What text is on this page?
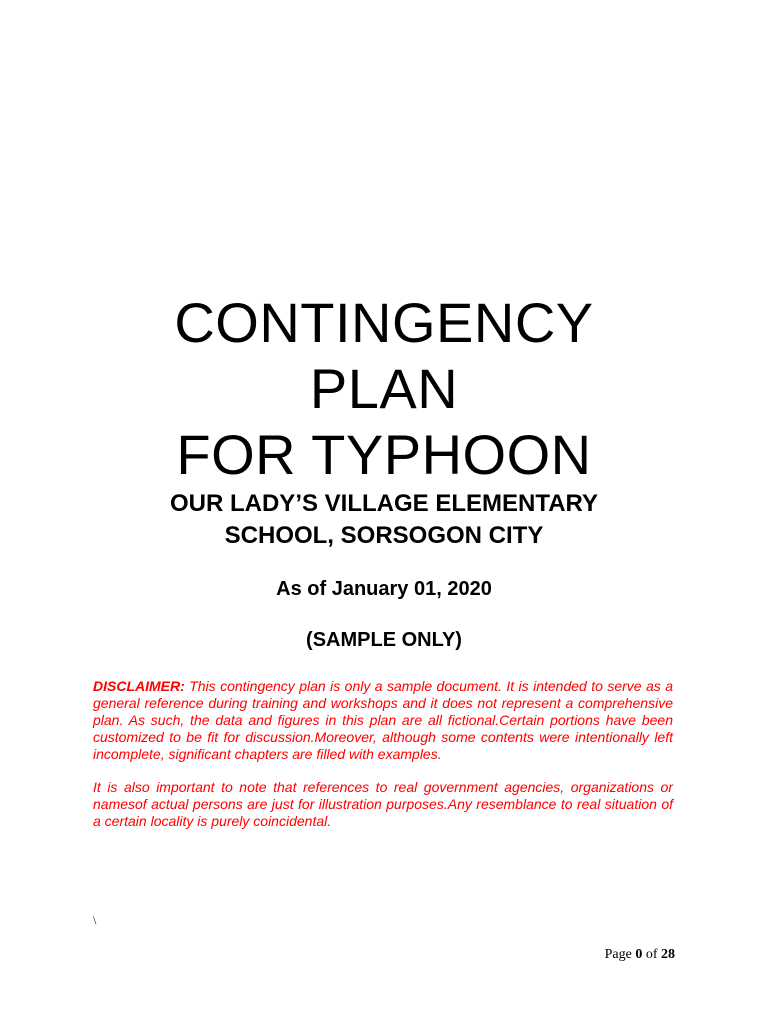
CONTINGENCY
PLAN
FOR TYPHOON
OUR LADY’S VILLAGE ELEMENTARY
SCHOOL, SORSOGON CITY
As of January 01, 2020
(SAMPLE ONLY)

DISCLAIMER: This contingency plan is only a sample document. It is intended to serve as a general reference during training and workshops and it does not represent a comprehensive plan. As such, the data and figures in this plan are all fictional.Certain portions have been customized to be fit for discussion.Moreover, although some contents were intentionally left incomplete, significant chapters are filled with examples.

It is also important to note that references to real government agencies, organizations or namesof actual persons are just for illustration purposes.Any resemblance to real situation of a certain locality is purely coincidental.

\
Page 0 of 28
